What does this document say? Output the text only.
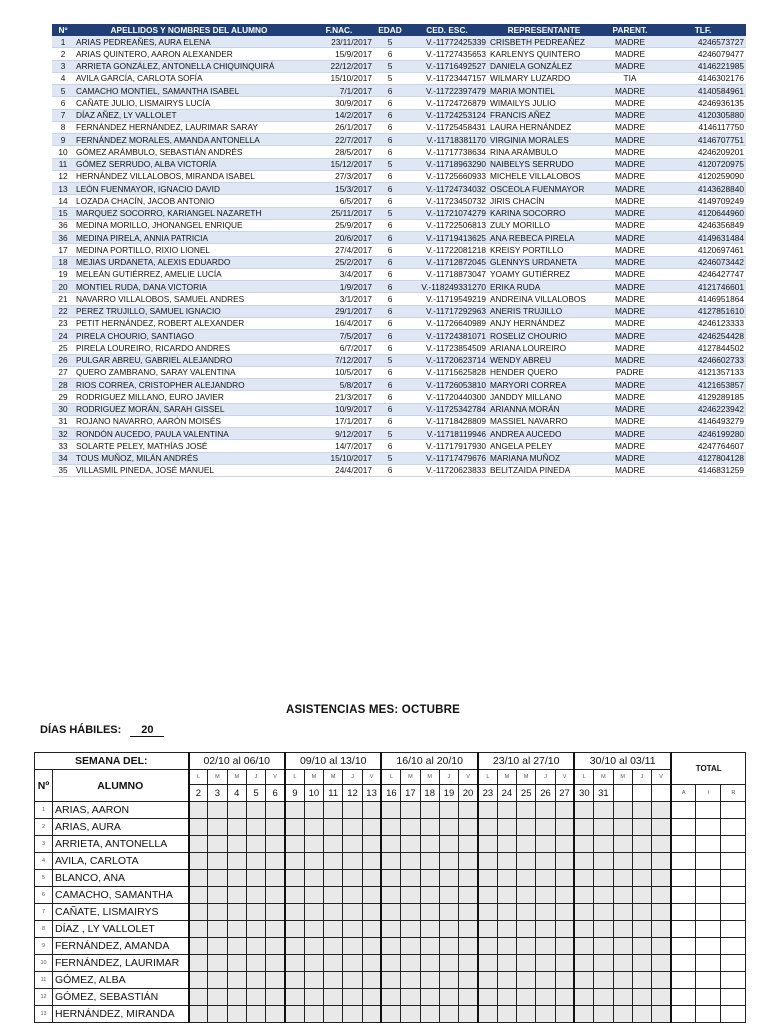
Nº	APELLIDOS Y NOMBRES DEL ALUMNO	F.NAC.	EDAD	CED. ESC.	REPRESENTANTE	PARENT.	TLF.
1	ARIAS PEDREAÑES, AURA ELENA	23/11/2017	5	V.-11772425339	CRISBETH PEDREAÑEZ	MADRE	4246573727
2	ARIAS QUINTERO, AARON ALEXANDER	15/9/2017	6	V.-11727435653	KARLENYS QUINTERO	MADRE	4246079477
3	ARRIETA GONZÁLEZ, ANTONELLA CHIQUINQUIRÁ	22/12/2017	5	V.-11716492527	DANIELA GONZÁLEZ	MADRE	4146221985
4	AVILA GARCÍA, CARLOTA SOFÍA	15/10/2017	5	V.-11723447157	WILMARY LUZARDO	TIA	4146302176
5	CAMACHO MONTIEL, SAMANTHA ISABEL	7/1/2017	6	V.-11722397479	MARIA MONTIEL	MADRE	4140584961
6	CAÑATE JULIO, LISMAIRYS LUCÍA	30/9/2017	6	V.-11724726879	WIMAILYS JULIO	MADRE	4246936135
7	DÍAZ AÑEZ, LY VALLOLET	14/2/2017	6	V.-11724253124	FRANCIS AÑEZ	MADRE	4120305880
8	FERNÁNDEZ HERNÁNDEZ, LAURIMAR SARAY	26/1/2017	6	V.-11725458431	LAURA HERNÁNDEZ	MADRE	4146117750
9	FERNÁNDEZ MORALES, AMANDA ANTONELLA	22/7/2017	6	V.-11718381170	VIRGINIA MORALES	MADRE	4146707751
10	GÓMEZ ARÁMBULO, SEBASTIÁN ANDRÉS	28/5/2017	6	V.-11717738634	RINA ARÁMBULO	MADRE	4246209201
11	GÓMEZ SERRUDO, ALBA VICTORÍA	15/12/2017	5	V.-11718963290	NAIBELYS SERRUDO	MADRE	4120720975
12	HERNÁNDEZ VILLALOBOS, MIRANDA ISABEL	27/3/2017	6	V.-11725660933	MICHELE VILLALOBOS	MADRE	4120259090
13	LEÓN FUENMAYOR, IGNACIO DAVID	15/3/2017	6	V.-11724734032	OSCEOLA FUENMAYOR	MADRE	4143628840
14	LOZADA CHACÍN, JACOB ANTONIO	6/5/2017	6	V.-11723450732	JIRIS CHACÍN	MADRE	4149709249
15	MARQUEZ SOCORRO, KARIANGEL NAZARETH	25/11/2017	5	V.-11721074279	KARINA SOCORRO	MADRE	4120644960
36	MEDINA MORILLO, JHONANGEL ENRIQUE	25/9/2017	6	V.-11722506813	ZULY MORILLO	MADRE	4246356849
36	MEDINA PIRELA, ANNIA PATRICIA	20/6/2017	6	V.-11719413625	ANA REBECA PIRELA	MADRE	4149631484
17	MEDINA PORTILLO, RIXIO LIONEL	27/4/2017	6	V.-11722081218	KREISY PORTILLO	MADRE	4120697461
18	MEJIAS URDANETA, ALEXIS EDUARDO	25/2/2017	6	V.-11712872045	GLENNYS URDANETA	MADRE	4246073442
19	MELEÁN GUTIÉRREZ, AMELIE LUCÍA	3/4/2017	6	V.-11718873047	YOAMY GUTIÉRREZ	MADRE	4246427747
20	MONTIEL RUDA, DANA VICTORIA	1/9/2017	6	V.-118249331270	ERIKA RUDA	MADRE	4121746601
21	NAVARRO VILLALOBOS, SAMUEL ANDRES	3/1/2017	6	V.-11719549219	ANDREINA VILLALOBOS	MADRE	4146951864
22	PEREZ TRUJILLO, SAMUEL IGNACIO	29/1/2017	6	V.-11717292963	ANERIS TRUJILLO	MADRE	4127851610
23	PETIT HERNÁNDEZ, ROBERT ALEXANDER	16/4/2017	6	V.-11726640989	ANJY HERNÁNDEZ	MADRE	4246123333
24	PIRELA CHOURIO, SANTIAGO	7/5/2017	6	V.-11724381071	ROSELIZ CHOURIO	MADRE	4246254428
25	PIRELA LOUREIRO, RICARDO ANDRES	6/7/2017	6	V.-11723854509	ARIANA LOUREIRO	MADRE	4127844502
26	PULGAR ABREU, GABRIEL ALEJANDRO	7/12/2017	5	V.-11720623714	WENDY ABREU	MADRE	4246602733
27	QUERO ZAMBRANO, SARAY VALENTINA	10/5/2017	6	V.-11715625828	HENDER QUERO	PADRE	4121357133
28	RIOS CORREA, CRISTOPHER ALEJANDRO	5/8/2017	6	V.-11726053810	MARYORI CORREA	MADRE	4121653857
29	RODRIGUEZ MILLANO, EURO JAVIER	21/3/2017	6	V.-11720440300	JANDDY MILLANO	MADRE	4129289185
30	RODRIGUEZ MORÁN, SARAH GISSEL	10/9/2017	6	V.-11725342784	ARIANNA MORÁN	MADRE	4246223942
31	ROJANO NAVARRO, AARÓN MOISÉS	17/1/2017	6	V.-11718428809	MASSIEL NAVARRO	MADRE	4146493279
32	RONDÓN AUCEDO, PAULA VALENTINA	9/12/2017	5	V.-11718119946	ANDREA AUCEDO	MADRE	4246199280
33	SOLARTE PELEY, MATHÍAS JOSÉ	14/7/2017	6	V.-11717917930	ANGELA PELEY	MADRE	4247764607
34	TOUS MUÑOZ, MILÁN ANDRÉS	15/10/2017	5	V.-11717479676	MARIANA MUÑOZ	MADRE	4127804128
35	VILLASMIL PINEDA, JOSÉ MANUEL	24/4/2017	6	V.-11720623833	BELITZAIDA PINEDA	MADRE	4146831259
ASISTENCIAS MES: OCTUBRE
DÍAS HÁBILES: 20
SEMANA DEL:		02/10 al 06/10					09/10 al 13/10					16/10 al 20/10					23/10 al 27/10					30/10 al 03/11					TOTAL		
Nº	ALUMNO	L	M	M	J	V	L	M	M	J	V	L	M	M	J	V	L	M	M	J	V	L	M	M	J	V			
		2	3	4	5	6	9	10	11	12	13	16	17	18	19	20	23	24	25	26	27	30	31				A	I	R
1	ARIAS, AARON																												
2	ARIAS, AURA																												
3	ARRIETA, ANTONELLA																												
4	AVILA, CARLOTA																												
5	BLANCO, ANA																												
6	CAMACHO, SAMANTHA																												
7	CAÑATE, LISMAIRYS																												
8	DÍAZ , LY VALLOLET																												
9	FERNÁNDEZ, AMANDA																												
10	FERNÁNDEZ, LAURIMAR																												
11	GÓMEZ, ALBA																												
12	GÓMEZ, SEBASTIÁN																												
13	HERNÁNDEZ, MIRANDA																												
